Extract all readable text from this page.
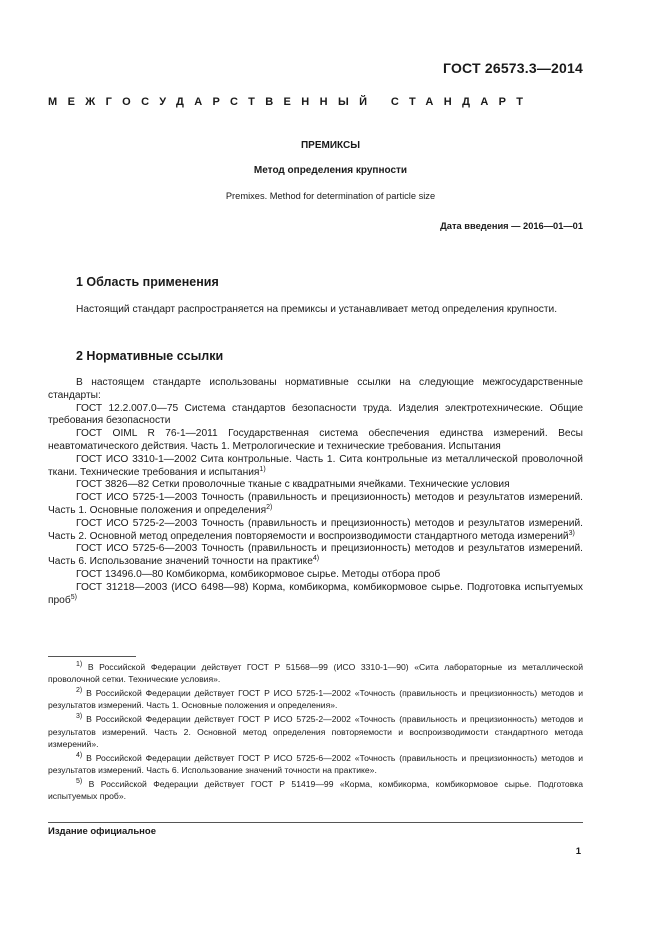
ГОСТ 26573.3—2014
МЕЖГОСУДАРСТВЕННЫЙ СТАНДАРТ
ПРЕМИКСЫ
Метод определения крупности
Premixes. Method for determination of particle size
Дата введения — 2016—01—01
1 Область применения
Настоящий стандарт распространяется на премиксы и устанавливает метод определения крупности.
2 Нормативные ссылки

В настоящем стандарте использованы нормативные ссылки на следующие межгосударственные стандарты:

ГОСТ 12.2.007.0—75 Система стандартов безопасности труда. Изделия электротехнические. Общие требования безопасности

ГОСТ OIML R 76-1—2011 Государственная система обеспечения единства измерений. Весы неавтоматического действия. Часть 1. Метрологические и технические требования. Испытания

ГОСТ ИСО 3310-1—2002 Сита контрольные. Часть 1. Сита контрольные из металлической проволочной ткани. Технические требования и испытания$^{1)}$

ГОСТ 3826—82 Сетки проволочные тканые с квадратными ячейками. Технические условия

ГОСТ ИСО 5725-1—2003 Точность (правильность и прецизионность) методов и результатов измерений. Часть 1. Основные положения и определения$^{2)}$

ГОСТ ИСО 5725-2—2003 Точность (правильность и прецизионность) методов и результатов измерений. Часть 2. Основной метод определения повторяемости и воспроизводимости стандартного метода измерений$^{3)}$

ГОСТ ИСО 5725-6—2003 Точность (правильность и прецизионность) методов и результатов измерений. Часть 6. Использование значений точности на практике$^{4)}$

ГОСТ 13496.0—80 Комбикорма, комбикормовое сырье. Методы отбора проб

ГОСТ 31218—2003 (ИСО 6498—98) Корма, комбикорма, комбикормовое сырье. Подготовка испытуемых проб$^{5)}$

$^{1)}$ В Российской Федерации действует ГОСТ Р 51568—99 (ИСО 3310-1—90) «Сита лабораторные из металлической проволочной сетки. Технические условия».

$^{2)}$ В Российской Федерации действует ГОСТ Р ИСО 5725-1—2002 «Точность (правильность и прецизионность) методов и результатов измерений. Часть 1. Основные положения и определения».

$^{3)}$ В Российской Федерации действует ГОСТ Р ИСО 5725-2—2002 «Точность (правильность и прецизионность) методов и результатов измерений. Часть 2. Основной метод определения повторяемости и воспроизводимости стандартного метода измерений».

$^{4)}$ В Российской Федерации действует ГОСТ Р ИСО 5725-6—2002 «Точность (правильность и прецизионность) методов и результатов измерений. Часть 6. Использование значений точности на практике».

$^{5)}$ В Российской Федерации действует ГОСТ Р 51419—99 «Корма, комбикорма, комбикормовое сырье. Подготовка испытуемых проб».

Издание официальное
1
